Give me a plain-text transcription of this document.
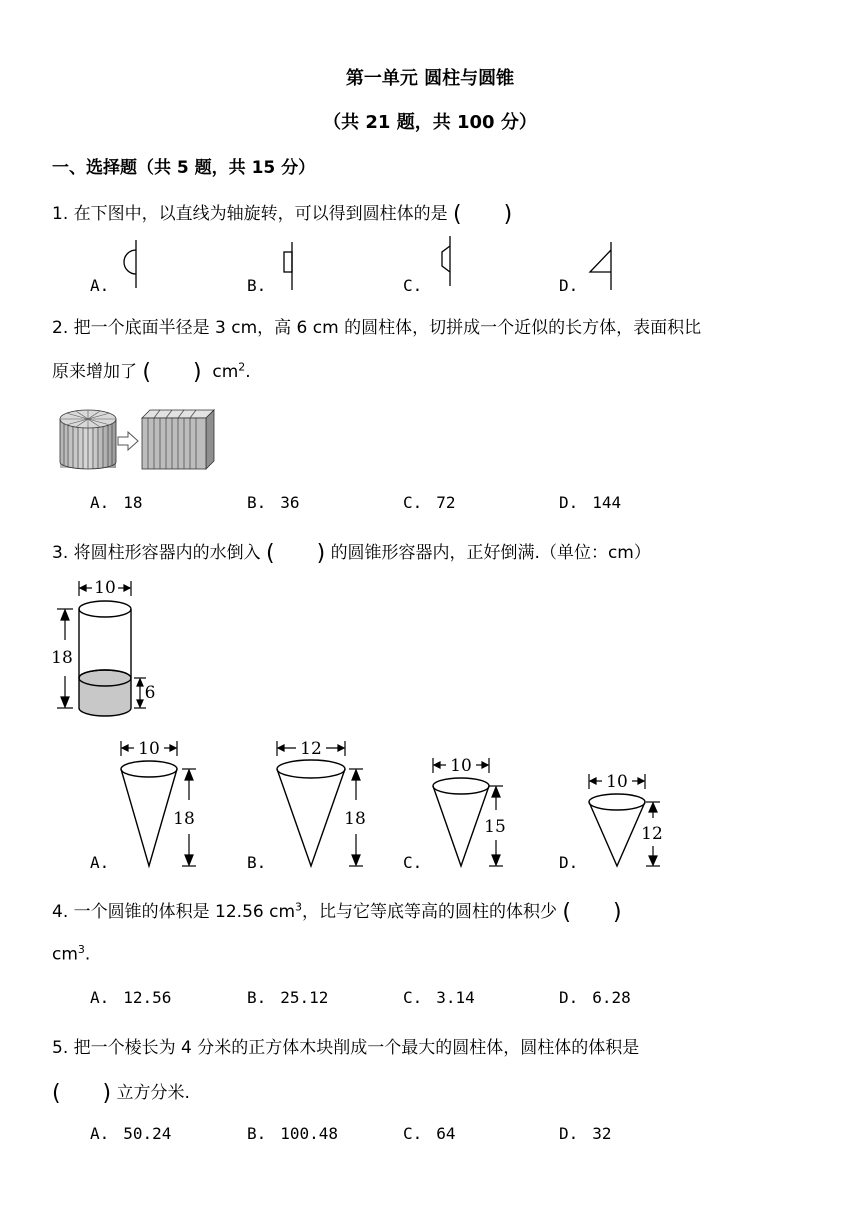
第一单元 圆柱与圆锥
（共 21 题，共 100 分）
一、选择题（共 5 题，共 15 分）
1. 在下图中，以直线为轴旋转，可以得到圆柱体的是 (      )
A.	B.	C.	D.
2. 把一个底面半径是 3 cm，高 6 cm 的圆柱体，切拼成一个近似的长方体，表面积比
原来增加了 (      ) $cm^2$.
A. 18	B. 36	C. 72	D. 144
3. 将圆柱形容器内的水倒入 (      ) 的圆锥形容器内，正好倒满.（单位：cm）
10
18
6
10
18
12
18
10
15
10
12
A.	B.	C.	D.
4. 一个圆锥的体积是 12.56 $cm^3$，比与它等底等高的圆柱的体积少 (      )
$cm^3$.
A. 12.56	B. 25.12	C. 3.14	D. 6.28
5. 把一个棱长为 4 分米的正方体木块削成一个最大的圆柱体，圆柱体的体积是
(      ) 立方分米.
A. 50.24	B. 100.48	C. 64	D. 32
